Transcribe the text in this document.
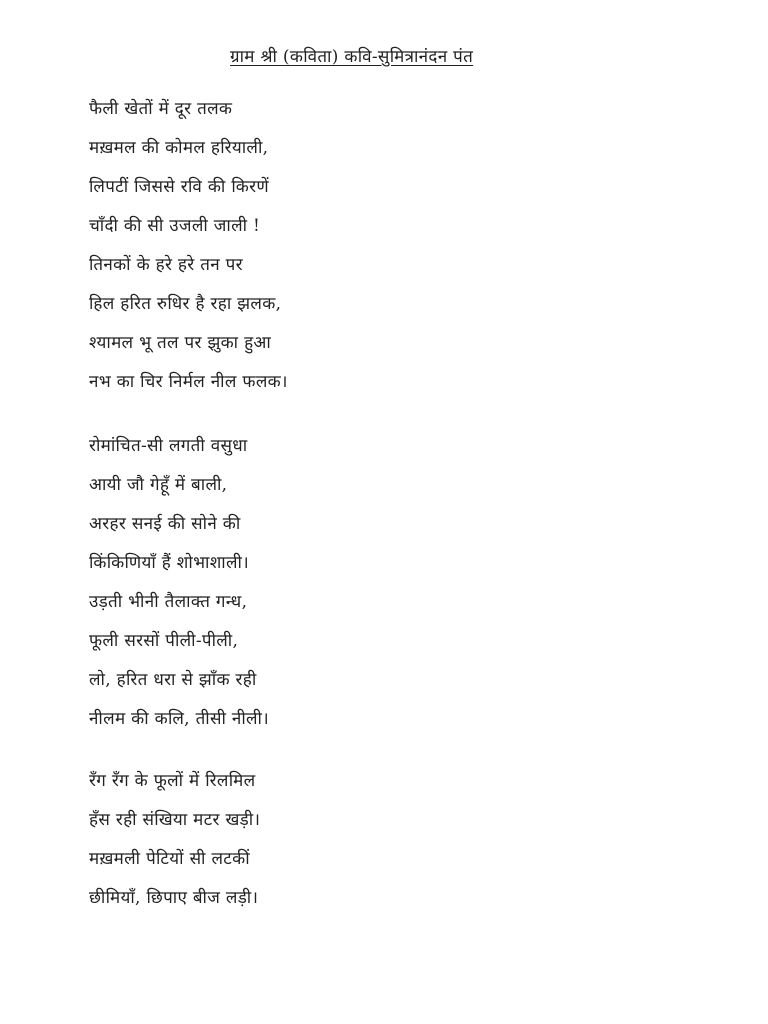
ग्राम श्री (कविता) कवि-सुमित्रानंदन पंत
फैली खेतों में दूर तलक
मख़मल की कोमल हरियाली,
लिपटीं जिससे रवि की किरणें
चाँदी की सी उजली जाली !
तिनकों के हरे हरे तन पर
हिल हरित रुधिर है रहा झलक,
श्यामल भू तल पर झुका हुआ
नभ का चिर निर्मल नील फलक।
रोमांचित-सी लगती वसुधा
आयी जौ गेहूँ में बाली,
अरहर सनई की सोने की
किंकिणियाँ हैं शोभाशाली।
उड़ती भीनी तैलाक्त गन्ध,
फूली सरसों पीली-पीली,
लो, हरित धरा से झाँक रही
नीलम की कलि, तीसी नीली।
रँग रँग के फूलों में रिलमिल
हँस रही संखिया मटर खड़ी।
मख़मली पेटियों सी लटकीं
छीमियाँ, छिपाए बीज लड़ी।
